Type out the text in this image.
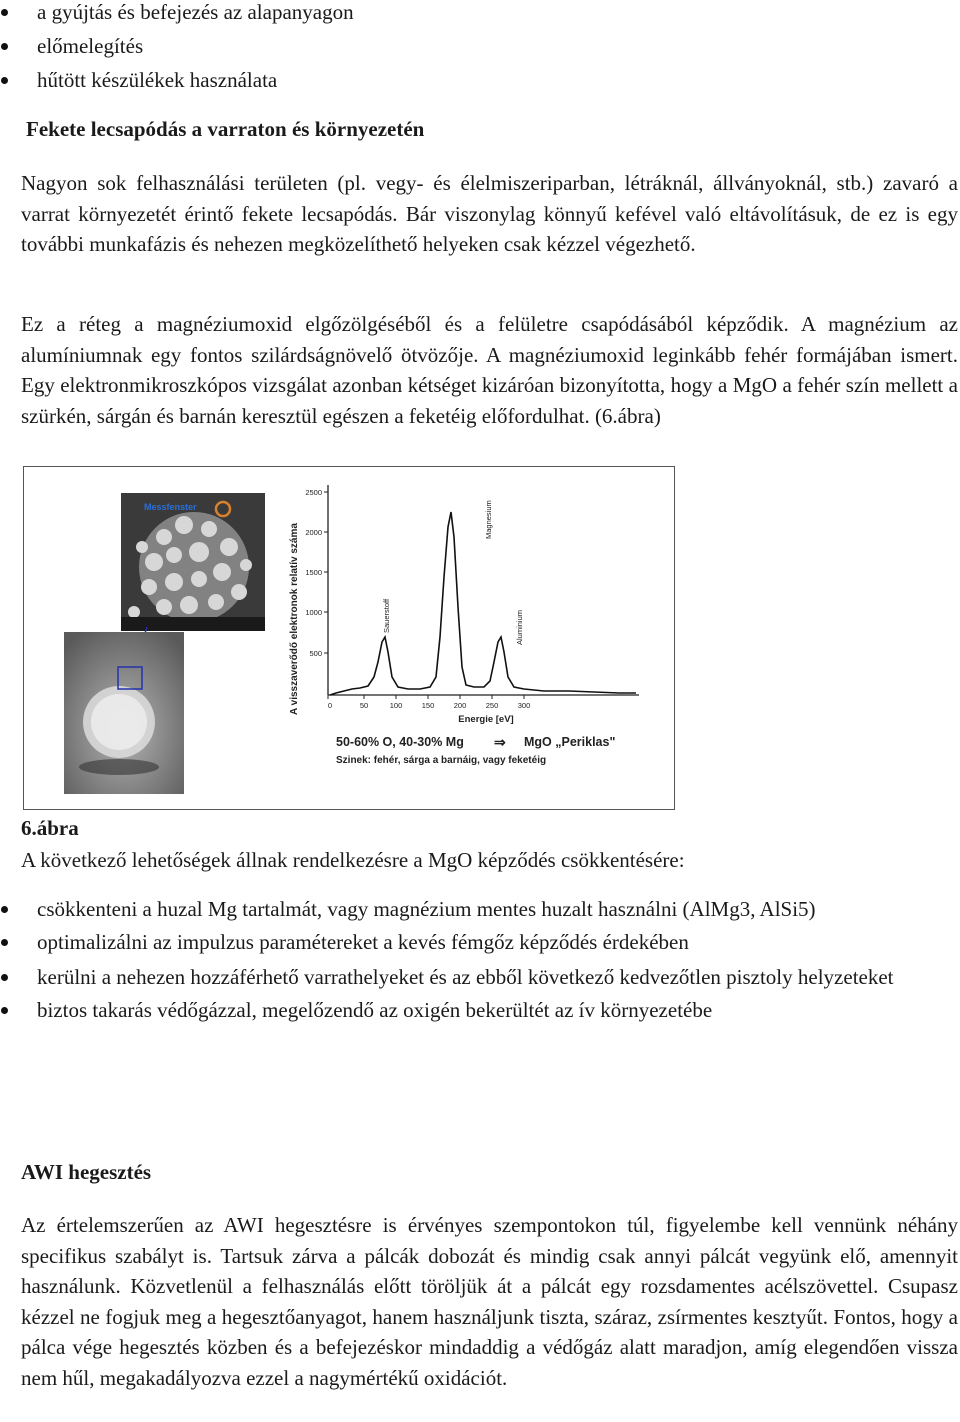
a gyújtás és befejezés az alapanyagon
előmelegítés
hűtött készülékek használata

Fekete lecsapódás a varraton és környezetén

Nagyon sok felhasználási területen (pl. vegy- és élelmiszeriparban, létráknál, állványoknál, stb.) zavaró a varrat környezetét érintő fekete lecsapódás. Bár viszonylag könnyű kefével való eltávolításuk, de ez is egy további munkafázis és nehezen megközelíthető helyeken csak kézzel végezhető.

Ez a réteg a magnéziumoxid elgőzölgéséből és a felületre csapódásából képződik. A magnézium az alumíniumnak egy fontos szilárdságnövelő ötvözője. A magnéziumoxid leginkább fehér formájában ismert. Egy elektronmikroszkópos vizsgálat azonban kétséget kizáróan bizonyította, hogy a MgO a fehér szín mellett a szürkén, sárgán és barnán keresztül egészen a feketéig előfordulhat. (6.ábra)

Messfenster
2500
2000
1500
1000
500
0	50	100	150	200	250	300
A visszaverődő elektronok relatív száma
Energie [eV]
Sauerstoff
Magnesium
Aluminium
50-60% O, 40-30% Mg ⇒ MgO „Periklas"
Szinek: fehér, sárga a barnáig, vagy feketéig
6.ábra

A következő lehetőségek állnak rendelkezésre a MgO képződés csökkentésére:

csökkenteni a huzal Mg tartalmát, vagy magnézium mentes huzalt használni (AlMg3, AlSi5)
optimalizálni az impulzus paramétereket a kevés fémgőz képződés érdekében
kerülni a nehezen hozzáférhető varrathelyeket és az ebből következő kedvezőtlen pisztoly helyzeteket
biztos takarás védőgázzal, megelőzendő az oxigén bekerültét az ív környezetébe

AWI hegesztés

Az értelemszerűen az AWI hegesztésre is érvényes szempontokon túl, figyelembe kell vennünk néhány specifikus szabályt is. Tartsuk zárva a pálcák dobozát és mindig csak annyi pálcát vegyünk elő, amennyit használunk. Közvetlenül a felhasználás előtt töröljük át a pálcát egy rozsdamentes acélszövettel. Csupasz kézzel ne fogjuk meg a hegesztőanyagot, hanem használjunk tiszta, száraz, zsírmentes kesztyűt. Fontos, hogy a pálca vége hegesztés közben és a befejezéskor mindaddig a védőgáz alatt maradjon, amíg elegendően vissza nem hűl, megakadályozva ezzel a nagymértékű oxidációt.
